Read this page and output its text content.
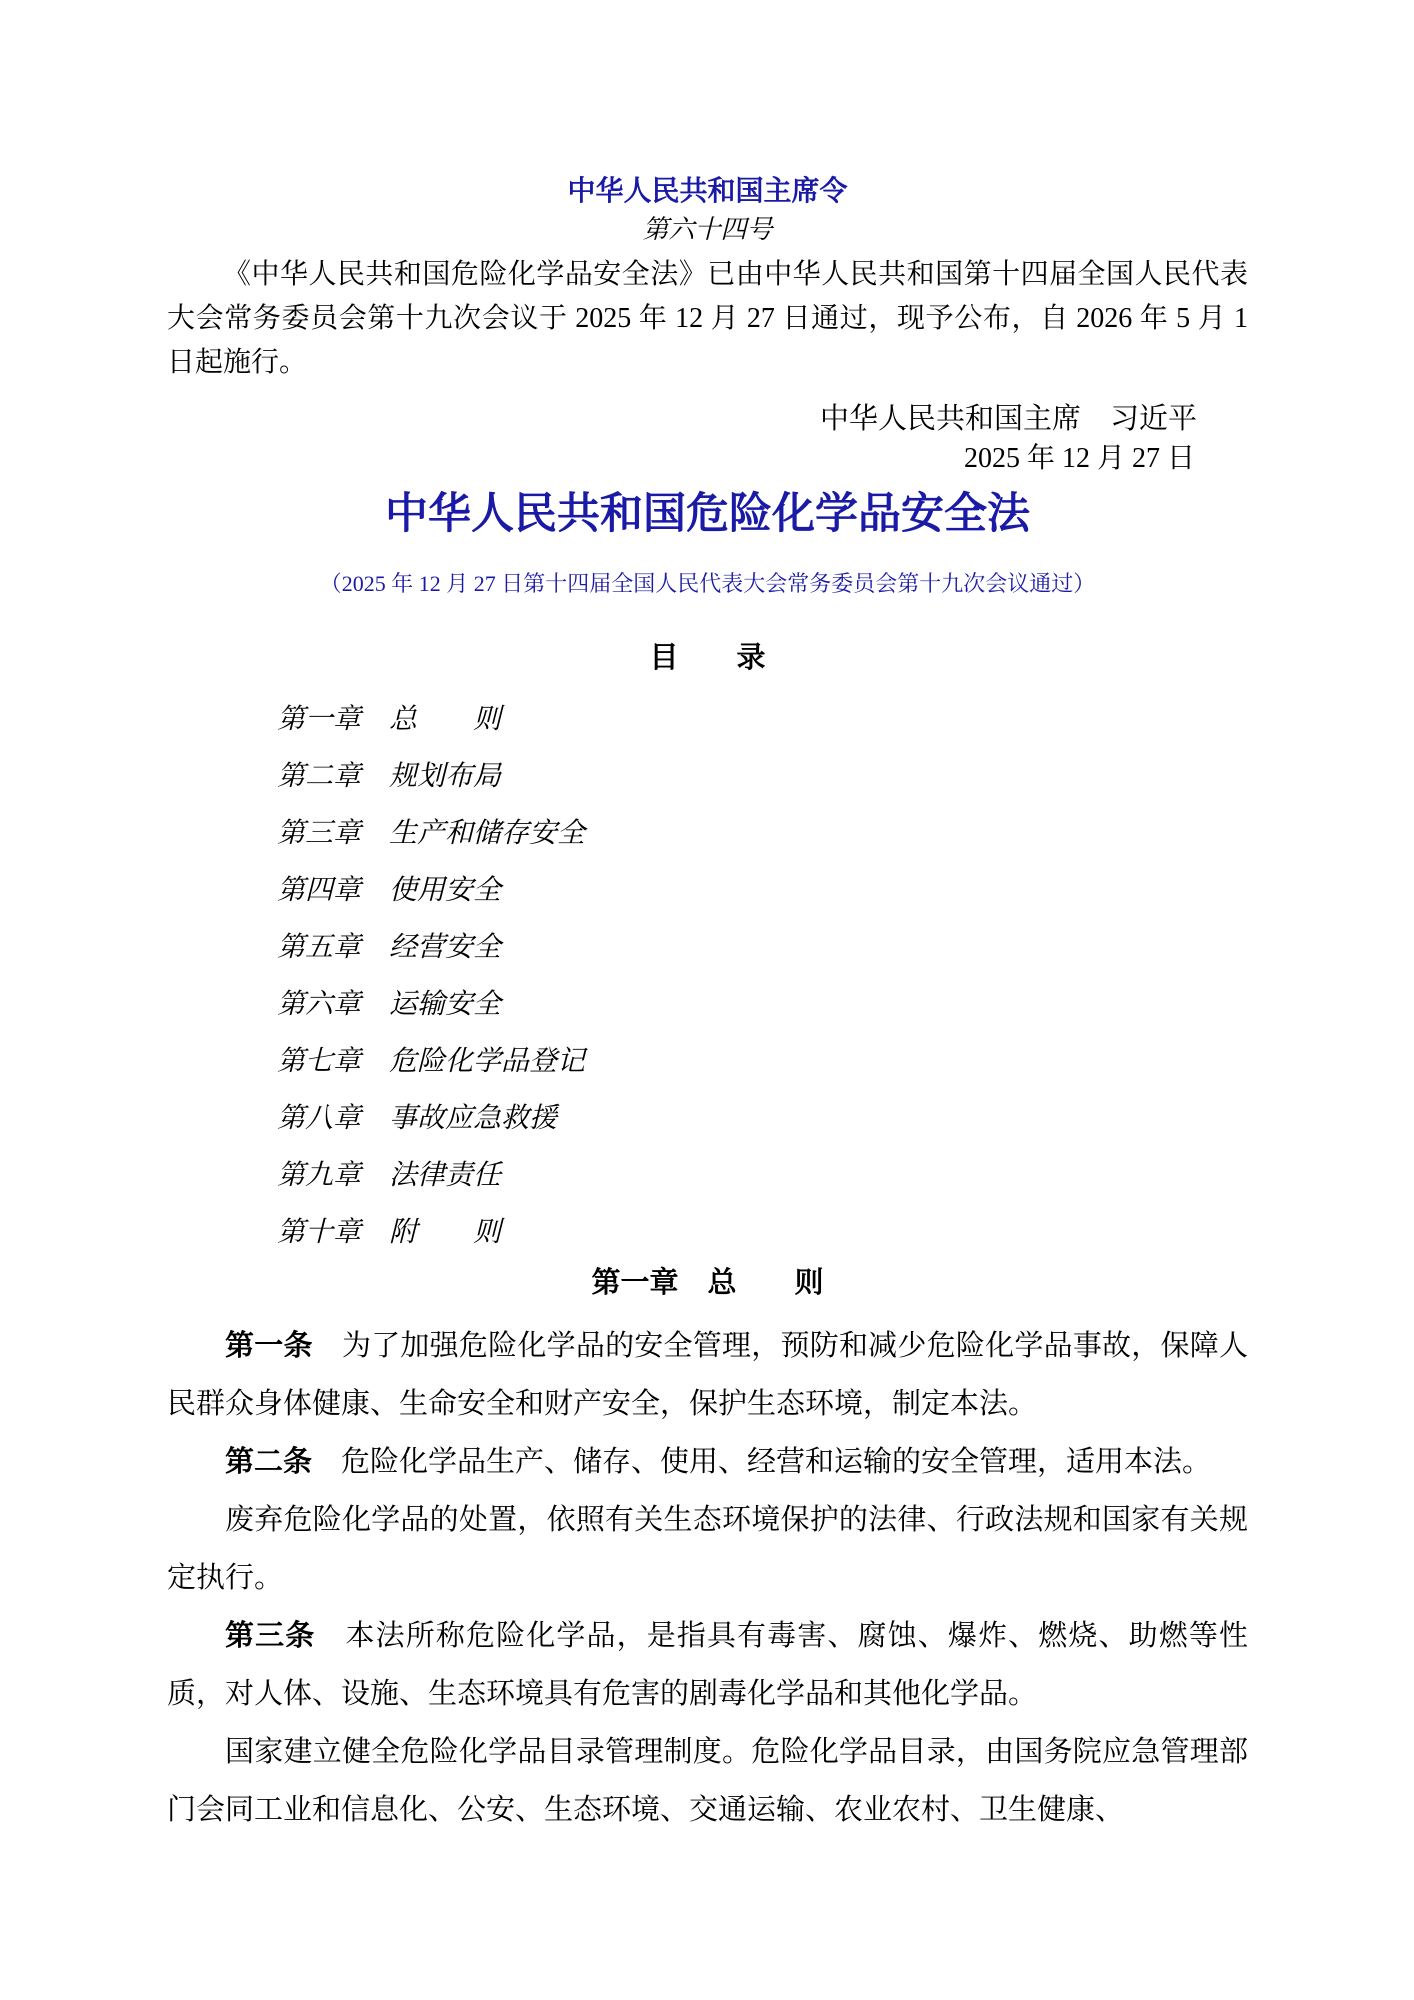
中华人民共和国主席令
第六十四号

《中华人民共和国危险化学品安全法》已由中华人民共和国第十四届全国人民代表大会常务委员会第十九次会议于 2025 年 12 月 27 日通过，现予公布，自 2026 年 5 月 1 日起施行。

中华人民共和国主席　习近平
2025 年 12 月 27 日
中华人民共和国危险化学品安全法
（2025 年 12 月 27 日第十四届全国人民代表大会常务委员会第十九次会议通过）
目　　录
第一章　总　　则
第二章　规划布局
第三章　生产和储存安全
第四章　使用安全
第五章　经营安全
第六章　运输安全
第七章　危险化学品登记
第八章　事故应急救援
第九章　法律责任
第十章　附　　则
第一章　总　　则

第一条　为了加强危险化学品的安全管理，预防和减少危险化学品事故，保障人民群众身体健康、生命安全和财产安全，保护生态环境，制定本法。

第二条　危险化学品生产、储存、使用、经营和运输的安全管理，适用本法。

废弃危险化学品的处置，依照有关生态环境保护的法律、行政法规和国家有关规定执行。

第三条　本法所称危险化学品，是指具有毒害、腐蚀、爆炸、燃烧、助燃等性质，对人体、设施、生态环境具有危害的剧毒化学品和其他化学品。

国家建立健全危险化学品目录管理制度。危险化学品目录，由国务院应急管理部门会同工业和信息化、公安、生态环境、交通运输、农业农村、卫生健康、
